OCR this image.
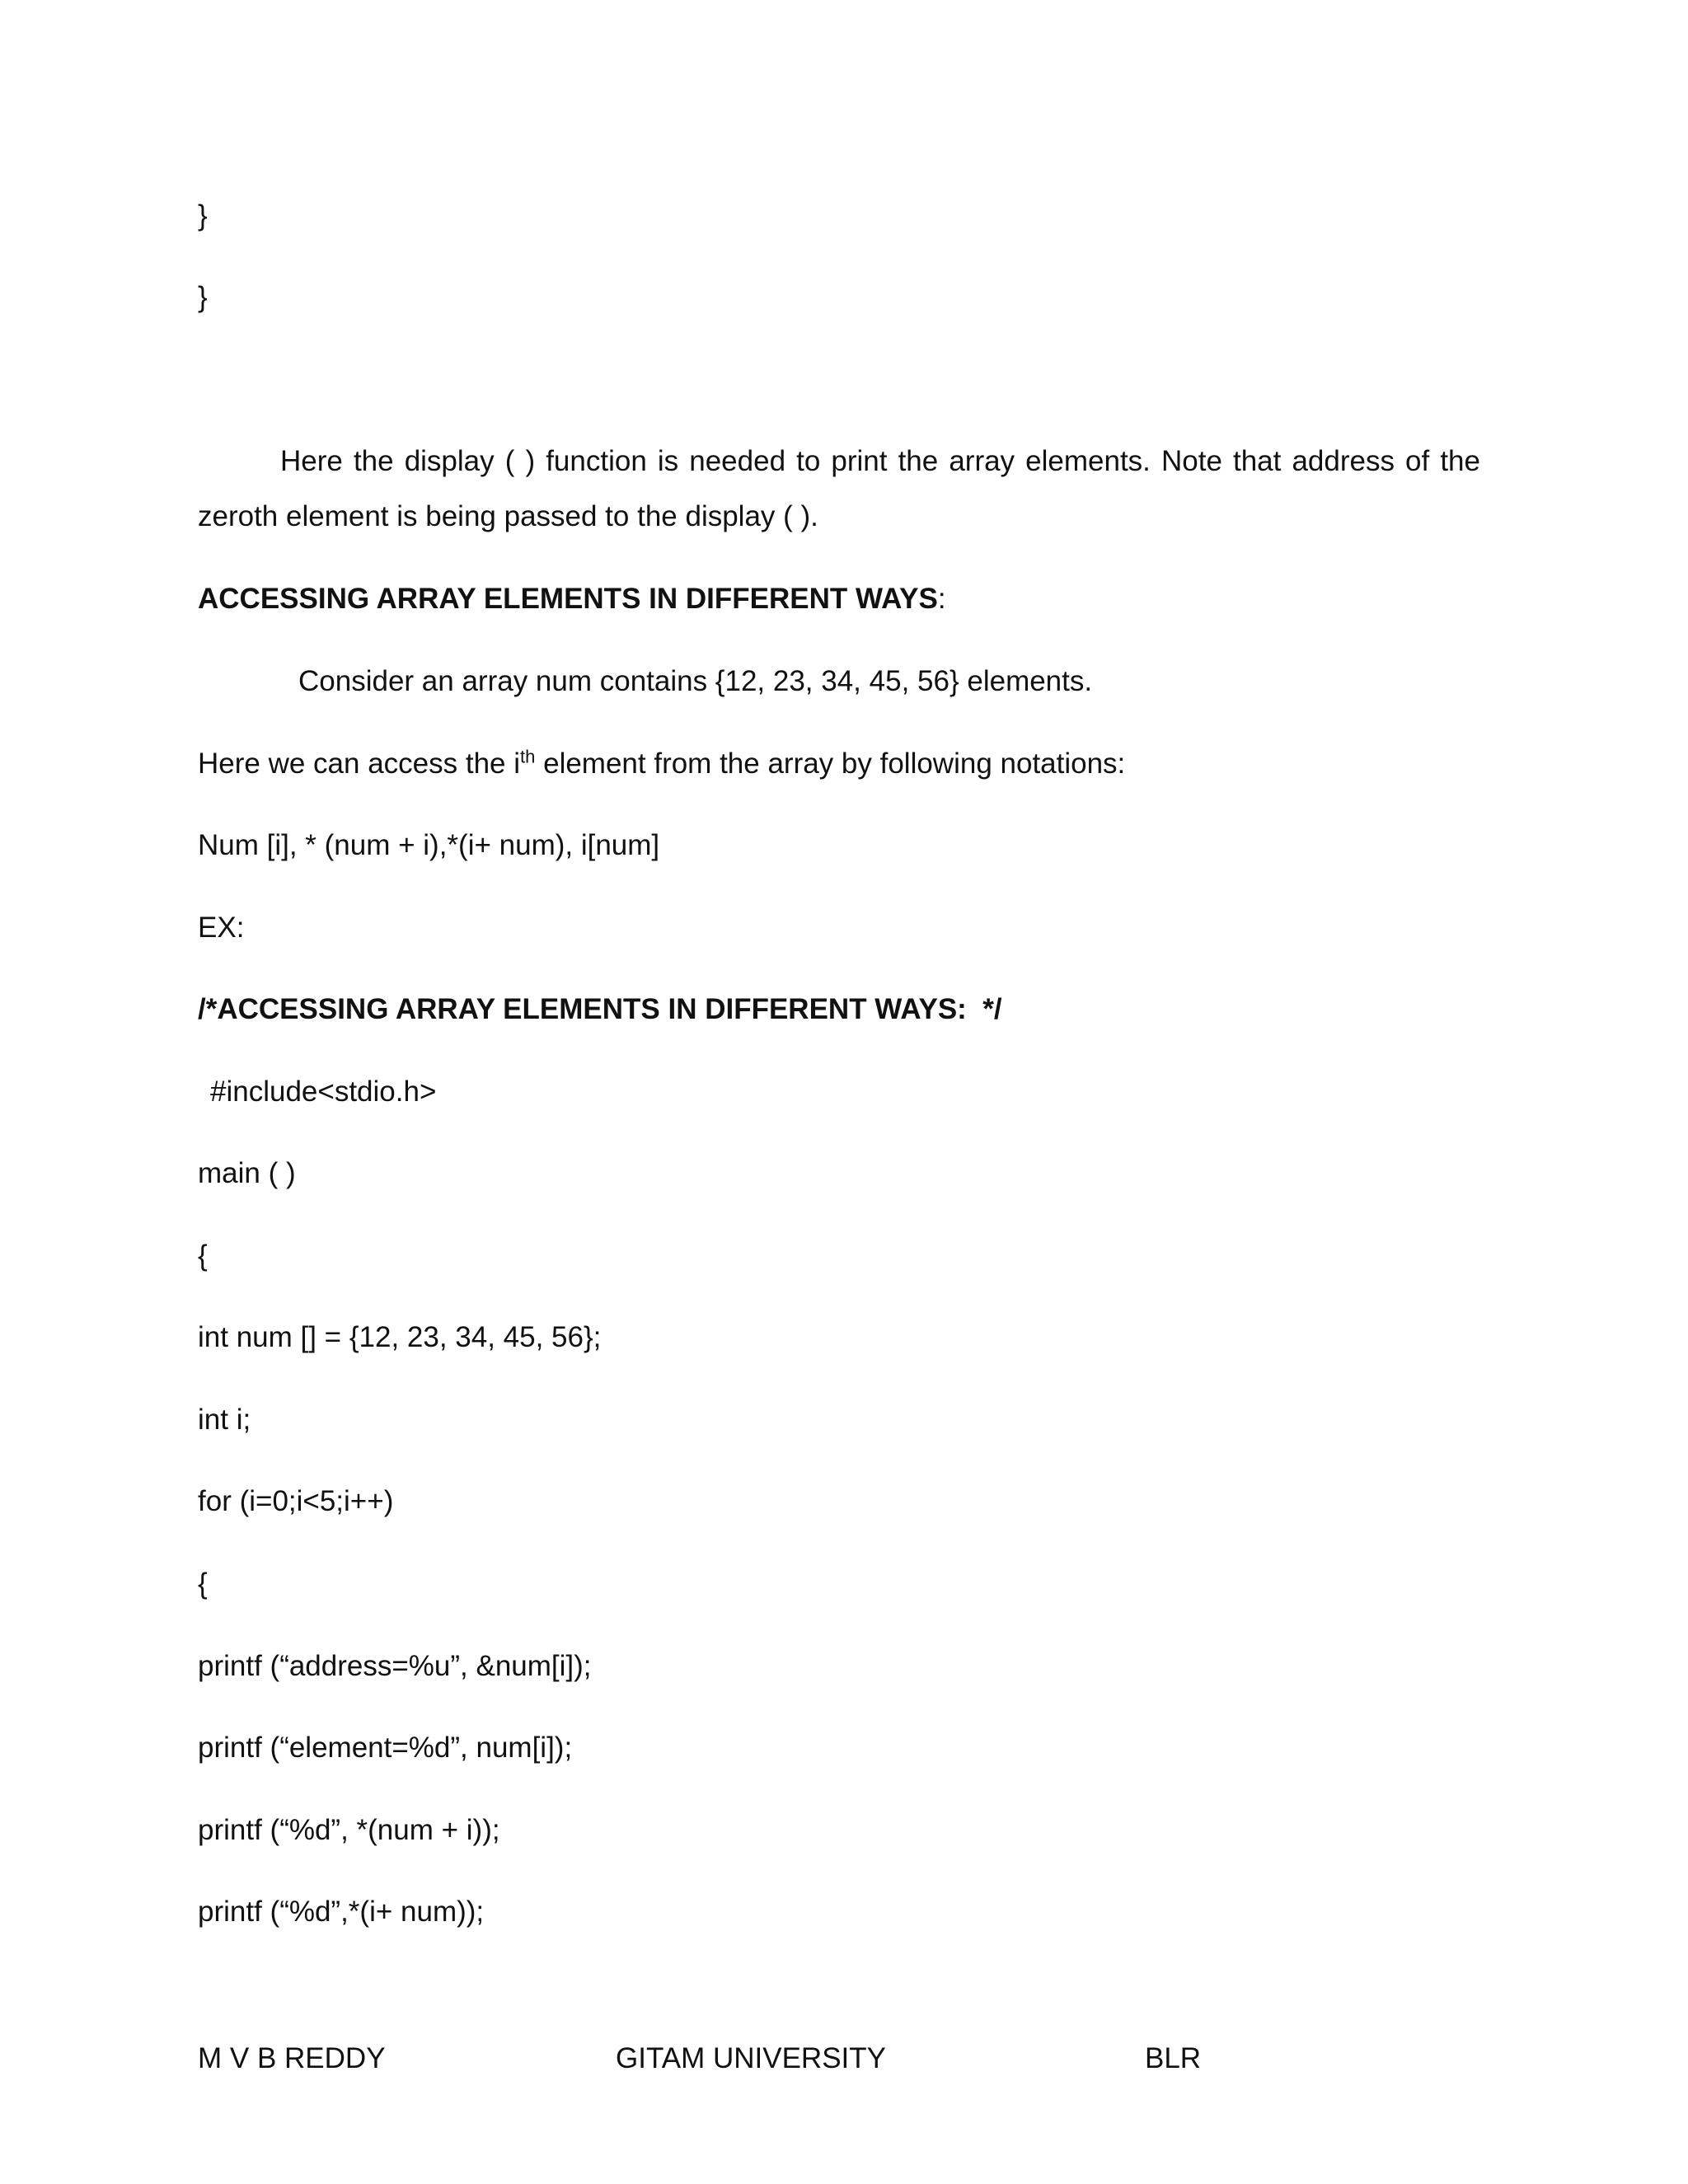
}
}
Here the display ( ) function is needed to print the array elements. Note that address of the zeroth element is being passed to the display ( ).
ACCESSING ARRAY ELEMENTS IN DIFFERENT WAYS:
Consider an array num contains {12, 23, 34, 45, 56} elements.
Here we can access the $i^{th}$ element from the array by following notations:
Num [i], * (num + i),*(i+ num), i[num]
EX:
/*ACCESSING ARRAY ELEMENTS IN DIFFERENT WAYS:  */
#include<stdio.h>
main ( )
{
int num [] = {12, 23, 34, 45, 56};
int i;
for (i=0;i<5;i++)
{
printf (“address=%u”, &num[i]);
printf (“element=%d”, num[i]);
printf (“%d”, *(num + i));
printf (“%d”,*(i+ num));
M V B REDDY	GITAM UNIVERSITY	BLR
